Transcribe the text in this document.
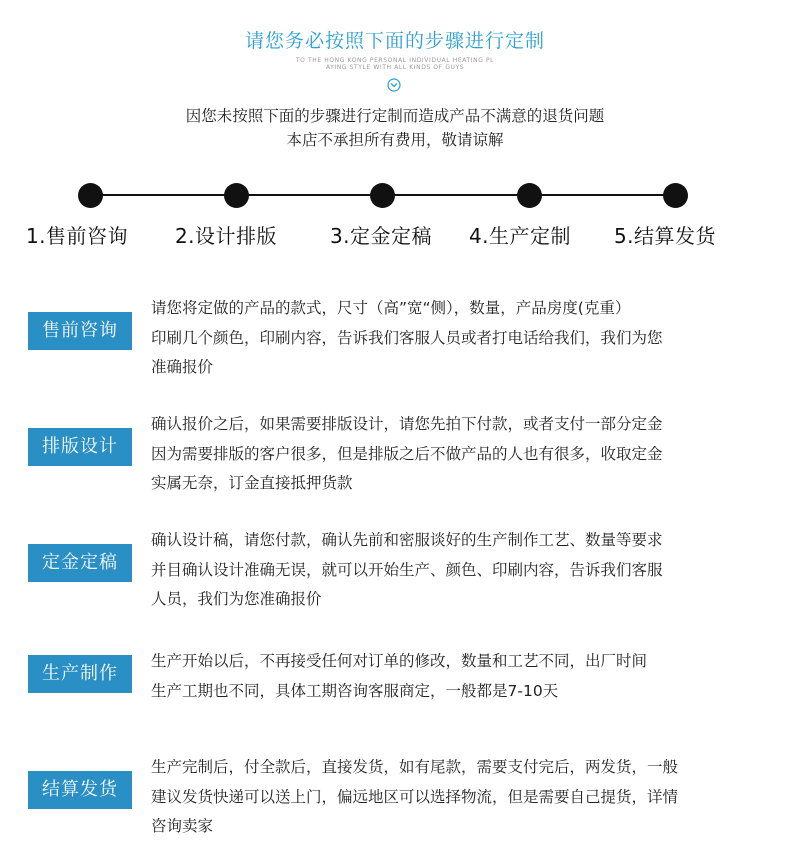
请您务必按照下面的步骤进行定制
TO THE HONG KONG PERSONAL INDIVIDUAL HEATING PL
AYING STYLE WITH ALL KINDS OF GUYS
因您未按照下面的步骤进行定制而造成产品不满意的退货问题
本店不承担所有费用，敬请谅解
1.售前咨询	2.设计排版	3.定金定稿	4.生产定制	5.结算发货
售前咨询
请您将定做的产品的款式，尺寸（高”宽“侧），数量，产品房度(克重）
印刷几个颜色，印刷内容，告诉我们客服人员或者打电话给我们，我们为您
准确报价
排版设计
确认报价之后，如果需要排版设计，请您先拍下付款，或者支付一部分定金
因为需要排版的客户很多，但是排版之后不做产品的人也有很多，收取定金
实属无奈，订金直接抵押货款
定金定稿
确认设计稿，请您付款，确认先前和密服谈好的生产制作工艺、数量等要求
并目确认设计准确无误，就可以开始生产、颜色、印刷内容，告诉我们客服
人员，我们为您准确报价
生产制作
生产开始以后，不再接受任何对订单的修改，数量和工艺不同，出厂时间
生产工期也不同，具体工期咨询客服商定，一般都是7-10天
结算发货
生产完制后，付全款后，直接发货，如有尾款，需要支付完后，两发货，一般
建议发货快递可以送上门，偏远地区可以选择物流，但是需要自己提货，详情
咨询卖家
